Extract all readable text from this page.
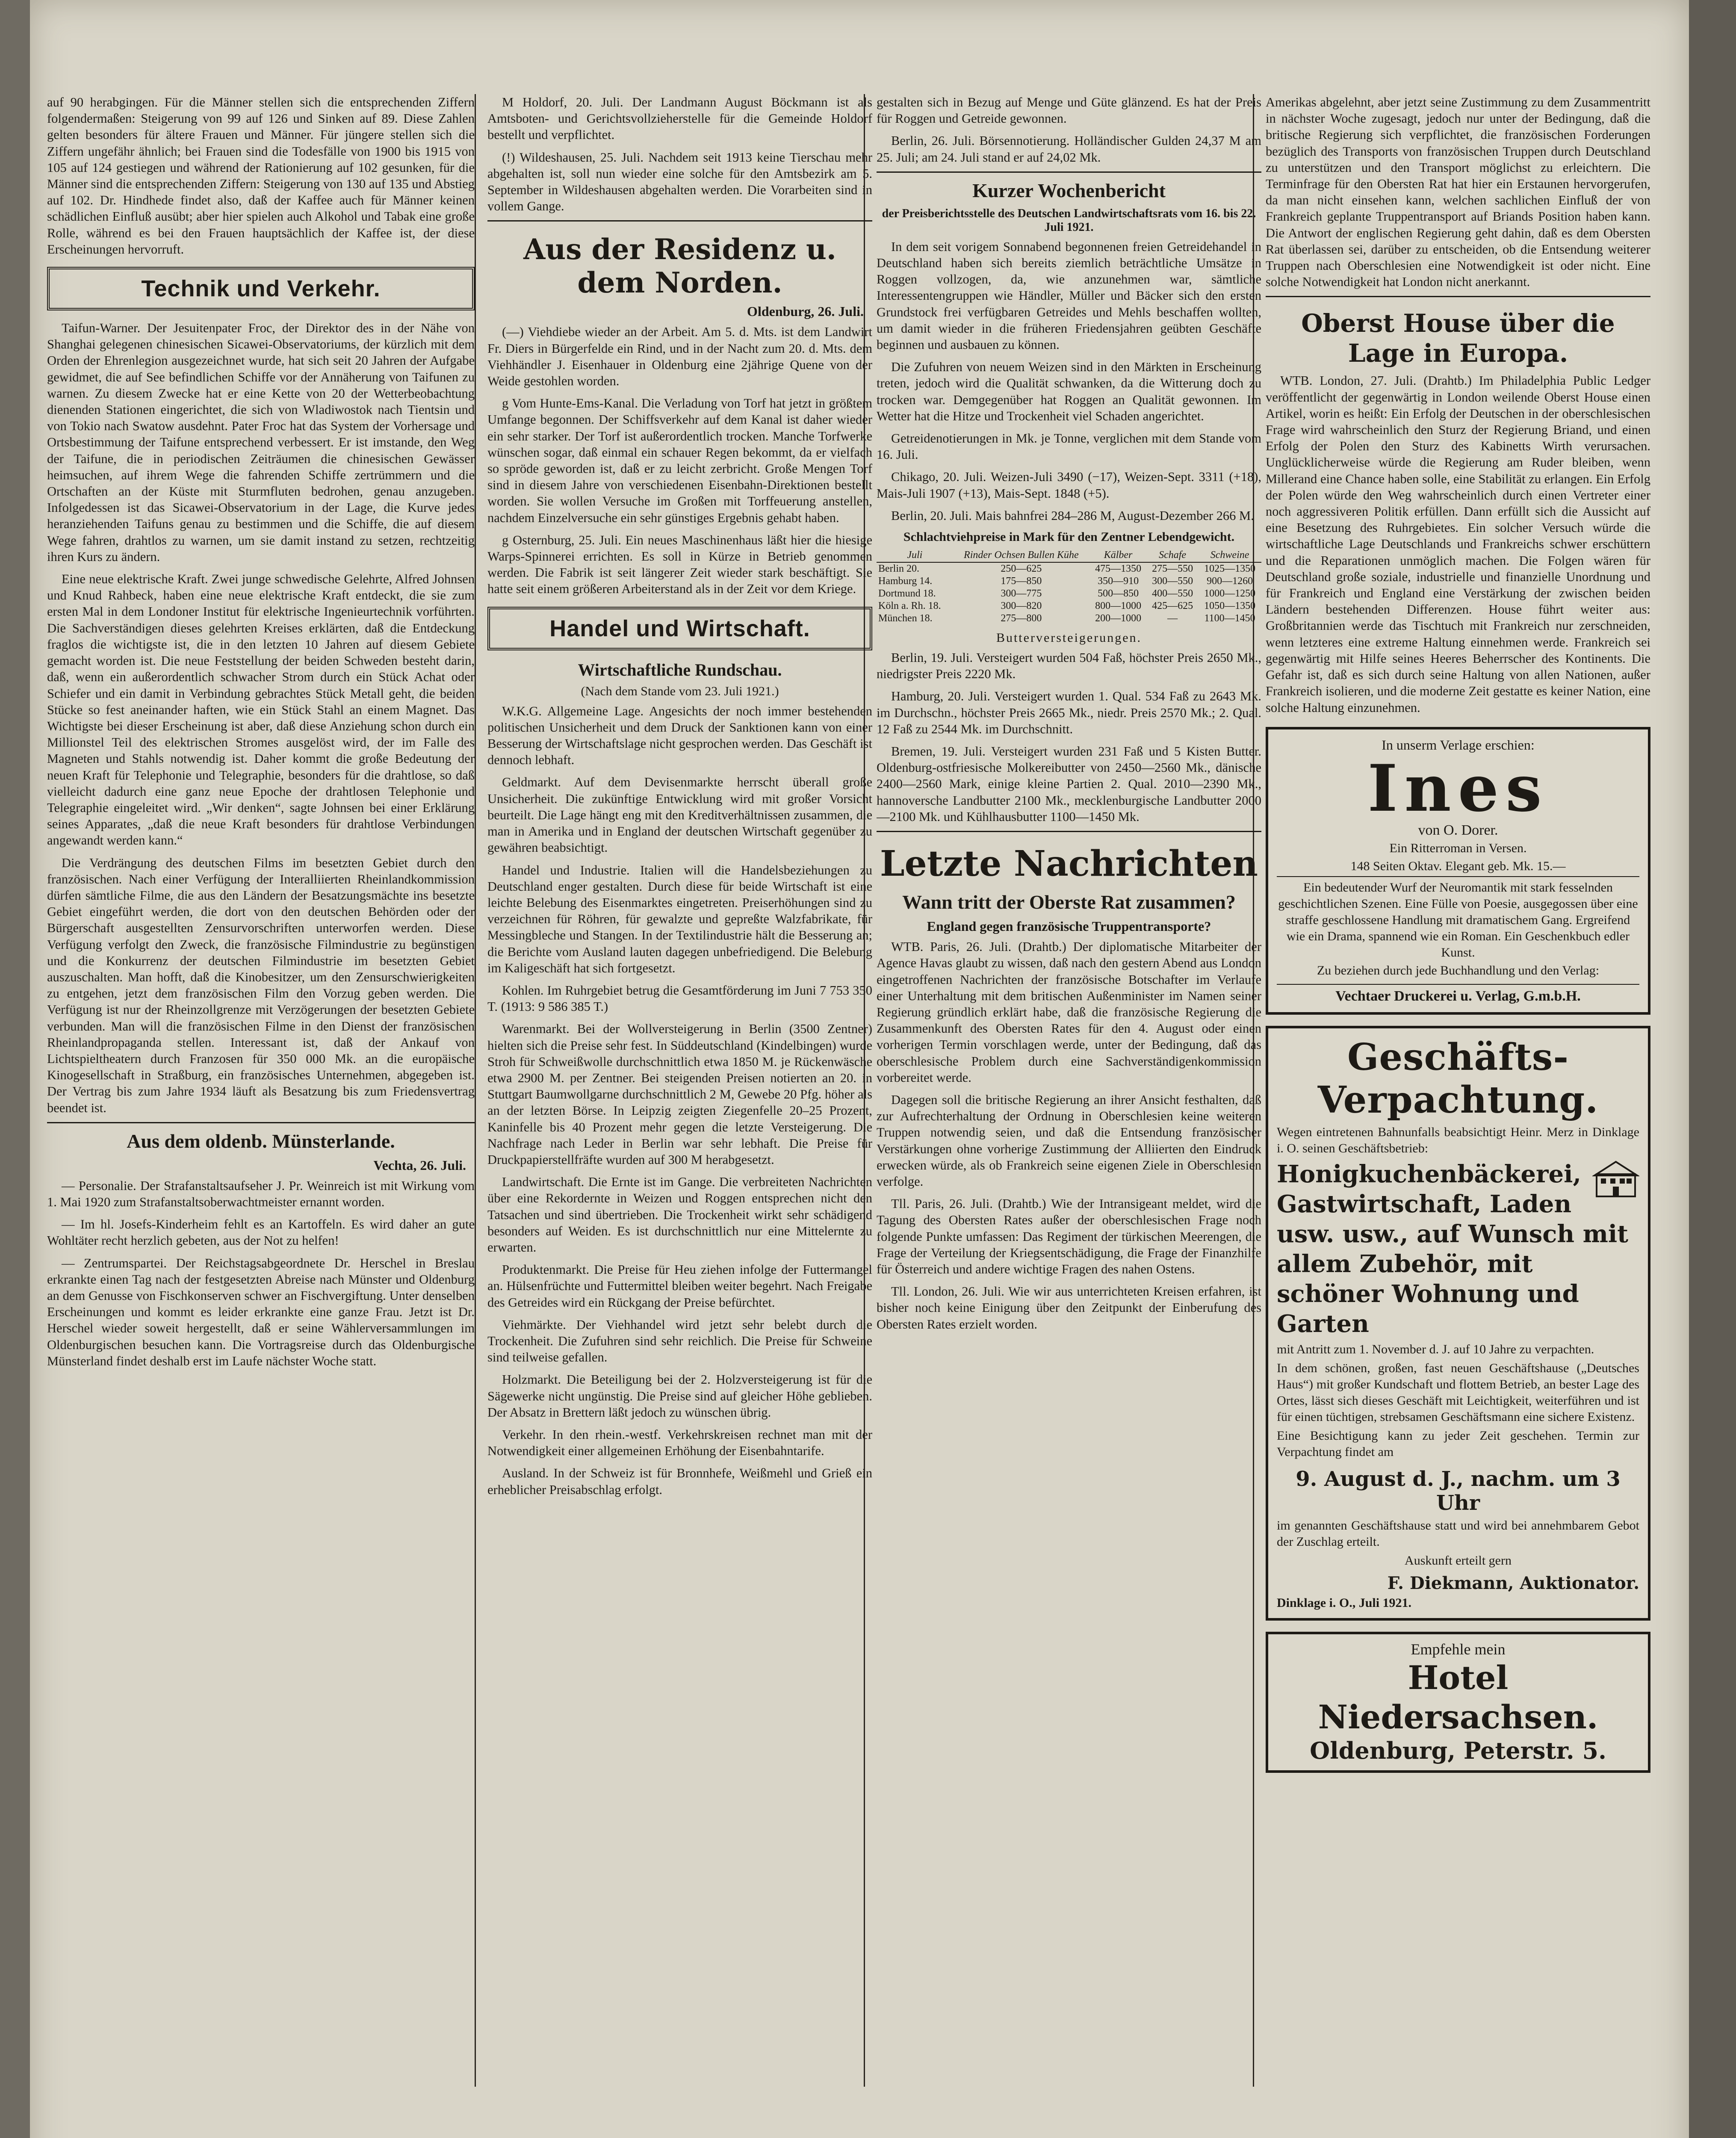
auf 90 herabgingen. Für die Männer stellen sich die entsprechenden Ziffern folgendermaßen: Steigerung von 99 auf 126 und Sinken auf 89. Diese Zahlen gelten besonders für ältere Frauen und Männer. Für jüngere stellen sich die Ziffern ungefähr ähnlich; bei Frauen sind die Todesfälle von 1900 bis 1915 von 105 auf 124 gestiegen und während der Rationierung auf 102 gesunken, für die Männer sind die entsprechenden Ziffern: Steigerung von 130 auf 135 und Abstieg auf 102. Dr. Hindhede findet also, daß der Kaffee auch für Männer keinen schädlichen Einfluß ausübt; aber hier spielen auch Alkohol und Tabak eine große Rolle, während es bei den Frauen hauptsächlich der Kaffee ist, der diese Erscheinungen hervorruft.

Technik und Verkehr.

Taifun-Warner. Der Jesuitenpater Froc, der Direktor des in der Nähe von Shanghai gelegenen chinesischen Sicawei-Observatoriums, der kürzlich mit dem Orden der Ehrenlegion ausgezeichnet wurde, hat sich seit 20 Jahren der Aufgabe gewidmet, die auf See befindlichen Schiffe vor der Annäherung von Taifunen zu warnen. Zu diesem Zwecke hat er eine Kette von 20 der Wetterbeobachtung dienenden Stationen eingerichtet, die sich von Wladiwostok nach Tientsin und von Tokio nach Swatow ausdehnt. Pater Froc hat das System der Vorhersage und Ortsbestimmung der Taifune entsprechend verbessert. Er ist imstande, den Weg der Taifune, die in periodischen Zeiträumen die chinesischen Gewässer heimsuchen, auf ihrem Wege die fahrenden Schiffe zertrümmern und die Ortschaften an der Küste mit Sturmfluten bedrohen, genau anzugeben. Infolgedessen ist das Sicawei-Observatorium in der Lage, die Kurve jedes heranziehenden Taifuns genau zu bestimmen und die Schiffe, die auf diesem Wege fahren, drahtlos zu warnen, um sie damit instand zu setzen, rechtzeitig ihren Kurs zu ändern.

Eine neue elektrische Kraft. Zwei junge schwedische Gelehrte, Alfred Johnsen und Knud Rahbeck, haben eine neue elektrische Kraft entdeckt, die sie zum ersten Mal in dem Londoner Institut für elektrische Ingenieurtechnik vorführten. Die Sachverständigen dieses gelehrten Kreises erklärten, daß die Entdeckung fraglos die wichtigste ist, die in den letzten 10 Jahren auf diesem Gebiete gemacht worden ist. Die neue Feststellung der beiden Schweden besteht darin, daß, wenn ein außerordentlich schwacher Strom durch ein Stück Achat oder Schiefer und ein damit in Verbindung gebrachtes Stück Metall geht, die beiden Stücke so fest aneinander haften, wie ein Stück Stahl an einem Magnet. Das Wichtigste bei dieser Erscheinung ist aber, daß diese Anziehung schon durch ein Millionstel Teil des elektrischen Stromes ausgelöst wird, der im Falle des Magneten und Stahls notwendig ist. Daher kommt die große Bedeutung der neuen Kraft für Telephonie und Telegraphie, besonders für die drahtlose, so daß vielleicht dadurch eine ganz neue Epoche der drahtlosen Telephonie und Telegraphie eingeleitet wird. „Wir denken“, sagte Johnsen bei einer Erklärung seines Apparates, „daß die neue Kraft besonders für drahtlose Verbindungen angewandt werden kann.“

Die Verdrängung des deutschen Films im besetzten Gebiet durch den französischen. Nach einer Verfügung der Interalliierten Rheinlandkommission dürfen sämtliche Filme, die aus den Ländern der Besatzungsmächte ins besetzte Gebiet eingeführt werden, die dort von den deutschen Behörden oder der Bürgerschaft ausgestellten Zensurvorschriften unterworfen werden. Diese Verfügung verfolgt den Zweck, die französische Filmindustrie zu begünstigen und die Konkurrenz der deutschen Filmindustrie im besetzten Gebiet auszuschalten. Man hofft, daß die Kinobesitzer, um den Zensurschwierigkeiten zu entgehen, jetzt dem französischen Film den Vorzug geben werden. Die Verfügung ist nur der Rheinzollgrenze mit Verzögerungen der besetzten Gebiete verbunden. Man will die französischen Filme in den Dienst der französischen Rheinlandpropaganda stellen. Interessant ist, daß der Ankauf von Lichtspieltheatern durch Franzosen für 350 000 Mk. an die europäische Kinogesellschaft in Straßburg, ein französisches Unternehmen, abgegeben ist. Der Vertrag bis zum Jahre 1934 läuft als Besatzung bis zum Friedensvertrag beendet ist.

Aus dem oldenb. Münsterlande.
Vechta, 26. Juli.

— Personalie. Der Strafanstaltsaufseher J. Pr. Weinreich ist mit Wirkung vom 1. Mai 1920 zum Strafanstaltsoberwachtmeister ernannt worden.

— Im hl. Josefs-Kinderheim fehlt es an Kartoffeln. Es wird daher an gute Wohltäter recht herzlich gebeten, aus der Not zu helfen!

— Zentrumspartei. Der Reichstagsabgeordnete Dr. Herschel in Breslau erkrankte einen Tag nach der festgesetzten Abreise nach Münster und Oldenburg an dem Genusse von Fischkonserven schwer an Fischvergiftung. Unter denselben Erscheinungen und kommt es leider erkrankte eine ganze Frau. Jetzt ist Dr. Herschel wieder soweit hergestellt, daß er seine Wählerversammlungen im Oldenburgischen besuchen kann. Die Vortragsreise durch das Oldenburgische Münsterland findet deshalb erst im Laufe nächster Woche statt.

M Holdorf, 20. Juli. Der Landmann August Böckmann ist als Amtsboten- und Gerichtsvollzieherstelle für die Gemeinde Holdorf bestellt und verpflichtet.

(!) Wildeshausen, 25. Juli. Nachdem seit 1913 keine Tierschau mehr abgehalten ist, soll nun wieder eine solche für den Amtsbezirk am 5. September in Wildeshausen abgehalten werden. Die Vorarbeiten sind in vollem Gange.

Aus der Residenz u. dem Norden.
Oldenburg, 26. Juli.

(—) Viehdiebe wieder an der Arbeit. Am 5. d. Mts. ist dem Landwirt Fr. Diers in Bürgerfelde ein Rind, und in der Nacht zum 20. d. Mts. dem Viehhändler J. Eisenhauer in Oldenburg eine 2jährige Quene von der Weide gestohlen worden.

g Vom Hunte-Ems-Kanal. Die Verladung von Torf hat jetzt in größtem Umfange begonnen. Der Schiffsverkehr auf dem Kanal ist daher wieder ein sehr starker. Der Torf ist außerordentlich trocken. Manche Torfwerke wünschen sogar, daß einmal ein schauer Regen bekommt, da er vielfach so spröde geworden ist, daß er zu leicht zerbricht. Große Mengen Torf sind in diesem Jahre von verschiedenen Eisenbahn-Direktionen bestellt worden. Sie wollen Versuche im Großen mit Torffeuerung anstellen, nachdem Einzelversuche ein sehr günstiges Ergebnis gehabt haben.

g Osternburg, 25. Juli. Ein neues Maschinenhaus läßt hier die hiesige Warps-Spinnerei errichten. Es soll in Kürze in Betrieb genommen werden. Die Fabrik ist seit längerer Zeit wieder stark beschäftigt. Sie hatte seit einem größeren Arbeiterstand als in der Zeit vor dem Kriege.

Handel und Wirtschaft.
Wirtschaftliche Rundschau.
(Nach dem Stande vom 23. Juli 1921.)

W.K.G. Allgemeine Lage. Angesichts der noch immer bestehenden politischen Unsicherheit und dem Druck der Sanktionen kann von einer Besserung der Wirtschaftslage nicht gesprochen werden. Das Geschäft ist dennoch lebhaft.

Geldmarkt. Auf dem Devisenmarkte herrscht überall große Unsicherheit. Die zukünftige Entwicklung wird mit großer Vorsicht beurteilt. Die Lage hängt eng mit den Kreditverhältnissen zusammen, die man in Amerika und in England der deutschen Wirtschaft gegenüber zu gewähren beabsichtigt.

Handel und Industrie. Italien will die Handelsbeziehungen zu Deutschland enger gestalten. Durch diese für beide Wirtschaft ist eine leichte Belebung des Eisenmarktes eingetreten. Preiserhöhungen sind zu verzeichnen für Röhren, für gewalzte und gepreßte Walzfabrikate, für Messingbleche und Stangen. In der Textilindustrie hält die Besserung an; die Berichte vom Ausland lauten dagegen unbefriedigend. Die Belebung im Kaligeschäft hat sich fortgesetzt.

Kohlen. Im Ruhrgebiet betrug die Gesamtförderung im Juni 7 753 350 T. (1913: 9 586 385 T.)

Warenmarkt. Bei der Wollversteigerung in Berlin (3500 Zentner) hielten sich die Preise sehr fest. In Süddeutschland (Kindelbingen) wurde Stroh für Schweißwolle durchschnittlich etwa 1850 M. je Rückenwäsche etwa 2900 M. per Zentner. Bei steigenden Preisen notierten an 20. in Stuttgart Baumwollgarne durchschnittlich 2 M, Gewebe 20 Pfg. höher als an der letzten Börse. In Leipzig zeigten Ziegenfelle 20–25 Prozent, Kaninfelle bis 40 Prozent mehr gegen die letzte Versteigerung. Die Nachfrage nach Leder in Berlin war sehr lebhaft. Die Preise für Druckpapierstellfräfte wurden auf 300 M herabgesetzt.

Landwirtschaft. Die Ernte ist im Gange. Die verbreiteten Nachrichten über eine Rekordernte in Weizen und Roggen entsprechen nicht den Tatsachen und sind übertrieben. Die Trockenheit wirkt sehr schädigend besonders auf Weiden. Es ist durchschnittlich nur eine Mittelernte zu erwarten.

Produktenmarkt. Die Preise für Heu ziehen infolge der Futtermangel an. Hülsenfrüchte und Futtermittel bleiben weiter begehrt. Nach Freigabe des Getreides wird ein Rückgang der Preise befürchtet.

Viehmärkte. Der Viehhandel wird jetzt sehr belebt durch die Trockenheit. Die Zufuhren sind sehr reichlich. Die Preise für Schweine sind teilweise gefallen.

Holzmarkt. Die Beteiligung bei der 2. Holzversteigerung ist für die Sägewerke nicht ungünstig. Die Preise sind auf gleicher Höhe geblieben. Der Absatz in Brettern läßt jedoch zu wünschen übrig.

Verkehr. In den rhein.-westf. Verkehrskreisen rechnet man mit der Notwendigkeit einer allgemeinen Erhöhung der Eisenbahntarife.

Ausland. In der Schweiz ist für Bronnhefe, Weißmehl und Grieß ein erheblicher Preisabschlag erfolgt.

gestalten sich in Bezug auf Menge und Güte glänzend. Es hat der Preis für Roggen und Getreide gewonnen.

Berlin, 26. Juli. Börsennotierung. Holländischer Gulden 24,37 M am 25. Juli; am 24. Juli stand er auf 24,02 Mk.

Kurzer Wochenbericht
der Preisberichtsstelle des Deutschen Landwirtschaftsrats vom 16. bis 22. Juli 1921.

In dem seit vorigem Sonnabend begonnenen freien Getreidehandel in Deutschland haben sich bereits ziemlich beträchtliche Umsätze in Roggen vollzogen, da, wie anzunehmen war, sämtliche Interessentengruppen wie Händler, Müller und Bäcker sich den ersten Grundstock frei verfügbaren Getreides und Mehls beschaffen wollten, um damit wieder in die früheren Friedensjahren geübten Geschäfte beginnen und ausbauen zu können.

Die Zufuhren von neuem Weizen sind in den Märkten in Erscheinung treten, jedoch wird die Qualität schwanken, da die Witterung doch zu trocken war. Demgegenüber hat Roggen an Qualität gewonnen. Im Wetter hat die Hitze und Trockenheit viel Schaden angerichtet.

Getreidenotierungen in Mk. je Tonne, verglichen mit dem Stande vom 16. Juli.

Chikago, 20. Juli. Weizen-Juli 3490 (−17), Weizen-Sept. 3311 (+18), Mais-Juli 1907 (+13), Mais-Sept. 1848 (+5).

Berlin, 20. Juli. Mais bahnfrei 284–286 M, August-Dezember 266 M.

Schlachtviehpreise in Mark für den Zentner Lebendgewicht.
Juli	Rinder Ochsen Bullen Kühe	Kälber	Schafe	Schweine
Berlin 20.	250—625	475—1350	275—550	1025—1350
Hamburg 14.	175—850	350—910	300—550	900—1260
Dortmund 18.	300—775	500—850	400—550	1000—1250
Köln a. Rh. 18.	300—820	800—1000	425—625	1050—1350
München 18.	275—800	200—1000	—	1100—1450
Butterversteigerungen.

Berlin, 19. Juli. Versteigert wurden 504 Faß, höchster Preis 2650 Mk., niedrigster Preis 2220 Mk.

Hamburg, 20. Juli. Versteigert wurden 1. Qual. 534 Faß zu 2643 Mk. im Durchschn., höchster Preis 2665 Mk., niedr. Preis 2570 Mk.; 2. Qual. 12 Faß zu 2544 Mk. im Durchschnitt.

Bremen, 19. Juli. Versteigert wurden 231 Faß und 5 Kisten Butter. Oldenburg-ostfriesische Molkereibutter von 2450—2560 Mk., dänische 2400—2560 Mark, einige kleine Partien 2. Qual. 2010—2390 Mk., hannoversche Landbutter 2100 Mk., mecklenburgische Landbutter 2000—2100 Mk. und Kühlhausbutter 1100—1450 Mk.

Letzte Nachrichten
Wann tritt der Oberste Rat zusammen?
England gegen französische Truppentransporte?

WTB. Paris, 26. Juli. (Drahtb.) Der diplomatische Mitarbeiter der Agence Havas glaubt zu wissen, daß nach den gestern Abend aus London eingetroffenen Nachrichten der französische Botschafter im Verlaufe einer Unterhaltung mit dem britischen Außenminister im Namen seiner Regierung gründlich erklärt habe, daß die französische Regierung die Zusammenkunft des Obersten Rates für den 4. August oder einen vorherigen Termin vorschlagen werde, unter der Bedingung, daß das oberschlesische Problem durch eine Sachverständigenkommission vorbereitet werde.

Dagegen soll die britische Regierung an ihrer Ansicht festhalten, daß zur Aufrechterhaltung der Ordnung in Oberschlesien keine weiteren Truppen notwendig seien, und daß die Entsendung französischer Verstärkungen ohne vorherige Zustimmung der Alliierten den Eindruck erwecken würde, als ob Frankreich seine eigenen Ziele in Oberschlesien verfolge.

Tll. Paris, 26. Juli. (Drahtb.) Wie der Intransigeant meldet, wird die Tagung des Obersten Rates außer der oberschlesischen Frage noch folgende Punkte umfassen: Das Regiment der türkischen Meerengen, die Frage der Verteilung der Kriegsentschädigung, die Frage der Finanzhilfe für Österreich und andere wichtige Fragen des nahen Ostens.

Tll. London, 26. Juli. Wie wir aus unterrichteten Kreisen erfahren, ist bisher noch keine Einigung über den Zeitpunkt der Einberufung des Obersten Rates erzielt worden.

Amerikas abgelehnt, aber jetzt seine Zustimmung zu dem Zusammentritt in nächster Woche zugesagt, jedoch nur unter der Bedingung, daß die britische Regierung sich verpflichtet, die französischen Forderungen bezüglich des Transports von französischen Truppen durch Deutschland zu unterstützen und den Transport möglichst zu erleichtern. Die Terminfrage für den Obersten Rat hat hier ein Erstaunen hervorgerufen, da man nicht einsehen kann, welchen sachlichen Einfluß der von Frankreich geplante Truppentransport auf Briands Position haben kann. Die Antwort der englischen Regierung geht dahin, daß es dem Obersten Rat überlassen sei, darüber zu entscheiden, ob die Entsendung weiterer Truppen nach Oberschlesien eine Notwendigkeit ist oder nicht. Eine solche Notwendigkeit hat London nicht anerkannt.

Oberst House über die Lage in Europa.

WTB. London, 27. Juli. (Drahtb.) Im Philadelphia Public Ledger veröffentlicht der gegenwärtig in London weilende Oberst House einen Artikel, worin es heißt: Ein Erfolg der Deutschen in der oberschlesischen Frage wird wahrscheinlich den Sturz der Regierung Briand, und einen Erfolg der Polen den Sturz des Kabinetts Wirth verursachen. Unglücklicherweise würde die Regierung am Ruder bleiben, wenn Millerand eine Chance haben solle, eine Stabilität zu erlangen. Ein Erfolg der Polen würde den Weg wahrscheinlich durch einen Vertreter einer noch aggressiveren Politik erfüllen. Dann erfüllt sich die Aussicht auf eine Besetzung des Ruhrgebietes. Ein solcher Versuch würde die wirtschaftliche Lage Deutschlands und Frankreichs schwer erschüttern und die Reparationen unmöglich machen. Die Folgen wären für Deutschland große soziale, industrielle und finanzielle Unordnung und für Frankreich und England eine Verstärkung der zwischen beiden Ländern bestehenden Differenzen. House führt weiter aus: Großbritannien werde das Tischtuch mit Frankreich nur zerschneiden, wenn letzteres eine extreme Haltung einnehmen werde. Frankreich sei gegenwärtig mit Hilfe seines Heeres Beherrscher des Kontinents. Die Gefahr ist, daß es sich durch seine Haltung von allen Nationen, außer Frankreich isolieren, und die moderne Zeit gestatte es keiner Nation, eine solche Haltung einzunehmen.

In unserm Verlage erschien:
Ines
von O. Dorer.
Ein Ritterroman in Versen.
148 Seiten Oktav. Elegant geb. Mk. 15.—
Ein bedeutender Wurf der Neuromantik mit stark fesselnden geschichtlichen Szenen. Eine Fülle von Poesie, ausgegossen über eine straffe geschlossene Handlung mit dramatischem Gang. Ergreifend wie ein Drama, spannend wie ein Roman. Ein Geschenkbuch edler Kunst.
Zu beziehen durch jede Buchhandlung und den Verlag:
Vechtaer Druckerei u. Verlag, G.m.b.H.
Geschäfts-Verpachtung.
Wegen eintretenen Bahnunfalls beabsichtigt Heinr. Merz in Dinklage i. O. seinen Geschäftsbetrieb:
Honigkuchenbäckerei, Gastwirtschaft, Laden usw. usw., auf Wunsch mit allem Zubehör, mit schöner Wohnung und Garten
mit Antritt zum 1. November d. J. auf 10 Jahre zu verpachten.
In dem schönen, großen, fast neuen Geschäftshause („Deutsches Haus“) mit großer Kundschaft und flottem Betrieb, an bester Lage des Ortes, lässt sich dieses Geschäft mit Leichtigkeit, weiterführen und ist für einen tüchtigen, strebsamen Geschäftsmann eine sichere Existenz.
Eine Besichtigung kann zu jeder Zeit geschehen. Termin zur Verpachtung findet am
9. August d. J., nachm. um 3 Uhr
im genannten Geschäftshause statt und wird bei annehmbarem Gebot der Zuschlag erteilt.
Auskunft erteilt gern
F. Diekmann, Auktionator.
Dinklage i. O., Juli 1921.
Empfehle mein
Hotel Niedersachsen.
Oldenburg, Peterstr. 5.
